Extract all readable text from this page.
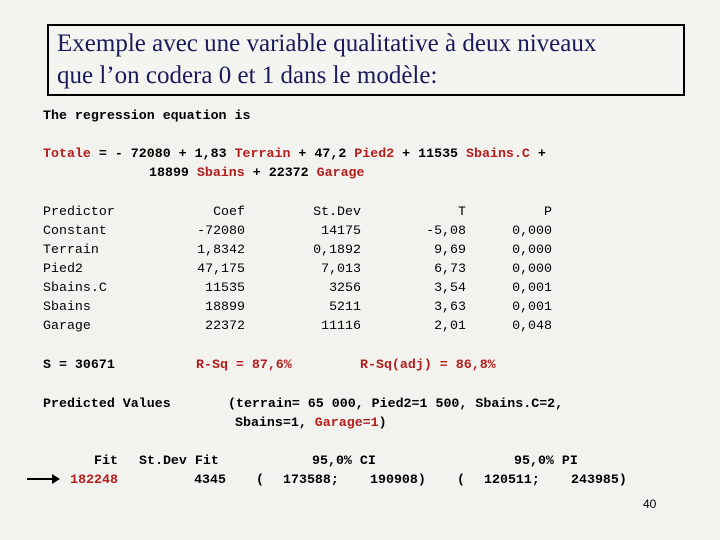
Exemple avec une variable qualitative à deux niveaux
que l’on codera 0 et 1 dans le modèle:
The regression equation is
Totale = - 72080 + 1,83 Terrain + 47,2 Pied2 + 11535 Sbains.C +
18899 Sbains + 22372 Garage
Predictor	Coef	St.Dev	T	P
Constant	-72080	14175	-5,08	0,000
Terrain	1,8342	0,1892	9,69	0,000
Pied2	47,175	7,013	6,73	0,000
Sbains.C	11535	3256	3,54	0,001
Sbains	18899	5211	3,63	0,001
Garage	22372	11116	2,01	0,048
S = 30671	R-Sq = 87,6%	R-Sq(adj) = 86,8%
Predicted Values	(terrain= 65 000, Pied2=1 500, Sbains.C=2,
Sbains=1, Garage=1)
Fit St.Dev Fit	95,0% CI	95,0% PI
182248	4345 ( 173588; 190908) ( 120511; 243985)
40
